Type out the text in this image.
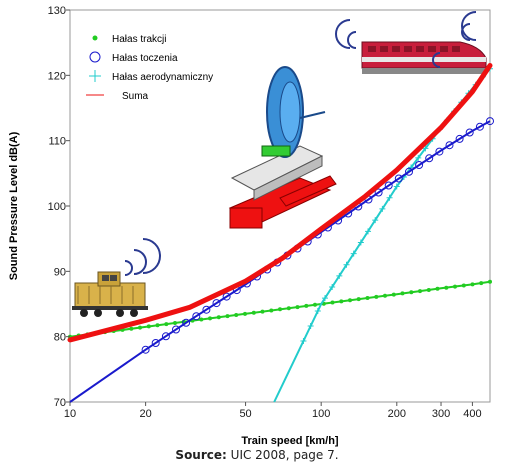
70
80
90
100
110
120
130
10	20	50	100	200 300 400
Train speed [km/h]
Sound Pressure Level dB(A)
Hałas trakcji
Hałas toczenia
Hałas aerodynamiczny
Suma
Source: UIC 2008, page 7.
